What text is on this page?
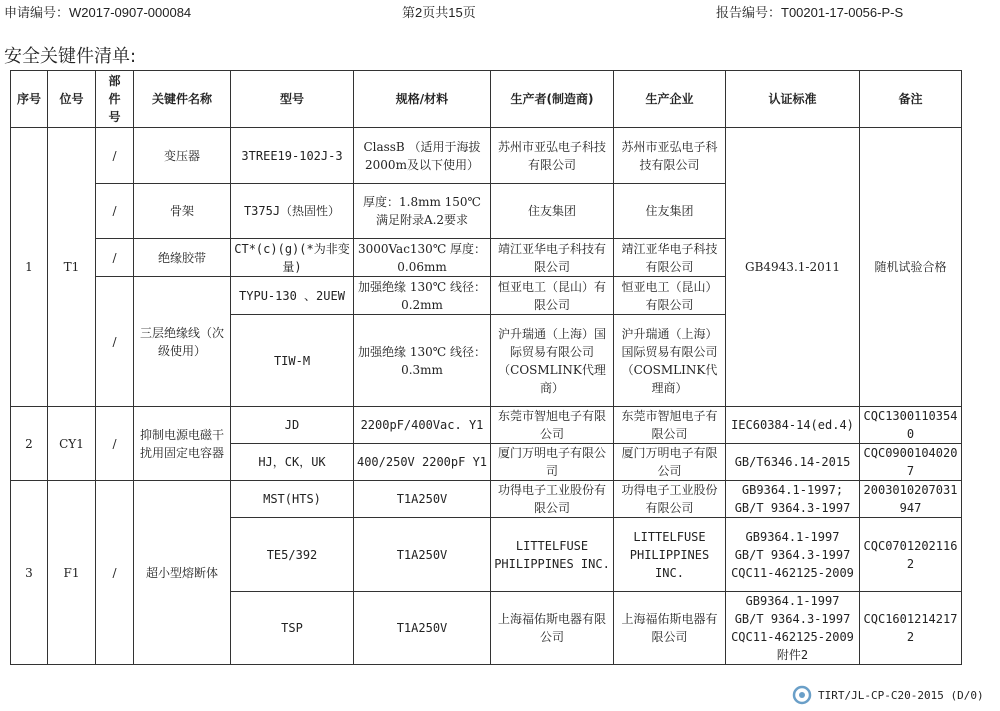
申请编号：W2017-0907-000084	第2页共15页	报告编号：T00201-17-0056-P-S
安全关键件清单:
序号	位号	部件号	关键件名称	型号	规格/材料	生产者(制造商)	生产企业	认证标准	备注
1	T1	/	变压器	3TREE19-102J-3	ClassB （适用于海拔2000m及以下使用）	苏州市亚弘电子科技有限公司	苏州市亚弘电子科技有限公司	GB4943.1-2011	随机试验合格
		/	骨架	T375J（热固性）	厚度：1.8mm 150℃ 满足附录A.2要求	住友集团	住友集团		
		/	绝缘胶带	CT*(c)(g)(*为非变量)	3000Vac130℃ 厚度：0.06mm	靖江亚华电子科技有限公司	靖江亚华电子科技有限公司		
		/	三层绝缘线（次级使用）	TYPU-130 、2UEW	加强绝缘 130℃ 线径：0.2mm	恒亚电工（昆山）有限公司	恒亚电工（昆山）有限公司		
				TIW-M	加强绝缘 130℃ 线径：0.3mm	沪升瑞通（上海）国际贸易有限公司（COSMLINK代理商）	沪升瑞通（上海）国际贸易有限公司（COSMLINK代理商）		
2	CY1	/	抑制电源电磁干扰用固定电容器	JD	2200pF/400Vac. Y1	东莞市智旭电子有限公司	东莞市智旭电子有限公司	IEC60384-14(ed.4)	CQC13001103540
				HJ，CK，UK	400/250V 2200pF Y1	厦门万明电子有限公司	厦门万明电子有限公司	GB/T6346.14-2015	CQC09001040207
3	F1	/	超小型熔断体	MST(HTS)	T1A250V	功得电子工业股份有限公司	功得电子工业股份有限公司	GB9364.1-1997; GB/T 9364.3-1997	2003010207031947
				TE5/392	T1A250V	LITTELFUSE PHILIPPINES INC.	LITTELFUSE PHILIPPINES INC.	GB9364.1-1997 GB/T 9364.3-1997 CQC11-462125-2009	CQC07012021162
				TSP	T1A250V	上海福佑斯电器有限公司	上海福佑斯电器有限公司	GB9364.1-1997 GB/T 9364.3-1997 CQC11-462125-2009附件2	CQC16012142172
TIRT/JL-CP-C20-2015 (D/0)
